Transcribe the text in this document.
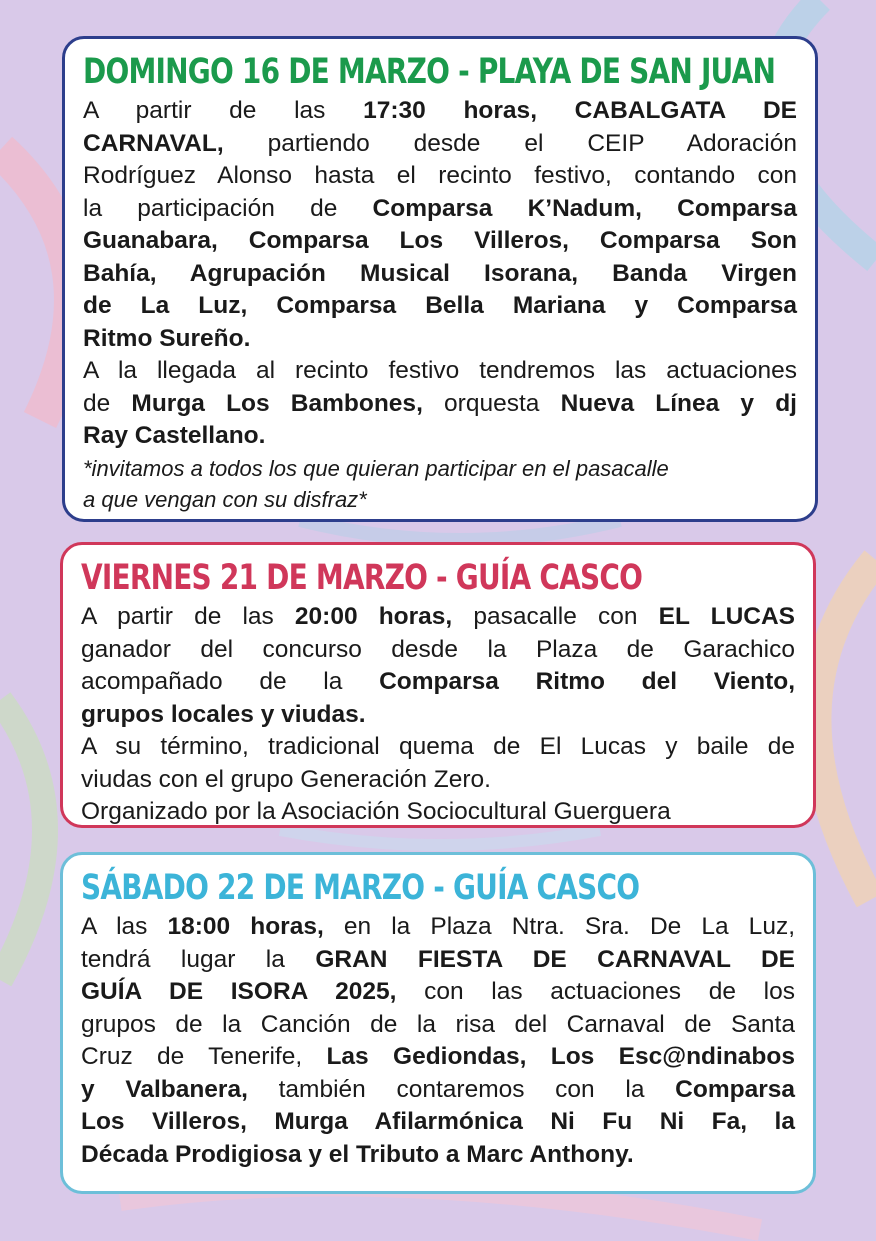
DOMINGO 16 DE MARZO - PLAYA DE SAN JUAN
A partir de las 17:30 horas, CABALGATA DE
CARNAVAL, partiendo desde el CEIP Adoración
Rodríguez Alonso hasta el recinto festivo, contando con
la participación de Comparsa K’Nadum, Comparsa
Guanabara, Comparsa Los Villeros, Comparsa Son
Bahía, Agrupación Musical Isorana, Banda Virgen
de La Luz, Comparsa Bella Mariana y Comparsa
Ritmo Sureño.
A la llegada al recinto festivo tendremos las actuaciones
de Murga Los Bambones, orquesta Nueva Línea y dj
Ray Castellano.
*invitamos a todos los que quieran participar en el pasacalle
a que vengan con su disfraz*
VIERNES 21 DE MARZO - GUÍA CASCO
A partir de las 20:00 horas, pasacalle con EL LUCAS
ganador del concurso desde la Plaza de Garachico
acompañado de la Comparsa Ritmo del Viento,
grupos locales y viudas.
A su término, tradicional quema de El Lucas y baile de
viudas con el grupo Generación Zero.
Organizado por la Asociación Sociocultural Guerguera
SÁBADO 22 DE MARZO - GUÍA CASCO
A las 18:00 horas, en la Plaza Ntra. Sra. De La Luz,
tendrá lugar la GRAN FIESTA DE CARNAVAL DE
GUÍA DE ISORA 2025, con las actuaciones de los
grupos de la Canción de la risa del Carnaval de Santa
Cruz de Tenerife, Las Gediondas, Los Esc@ndinabos
y Valbanera, también contaremos con la Comparsa
Los Villeros, Murga Afilarmónica Ni Fu Ni Fa, la
Década Prodigiosa y el Tributo a Marc Anthony.
